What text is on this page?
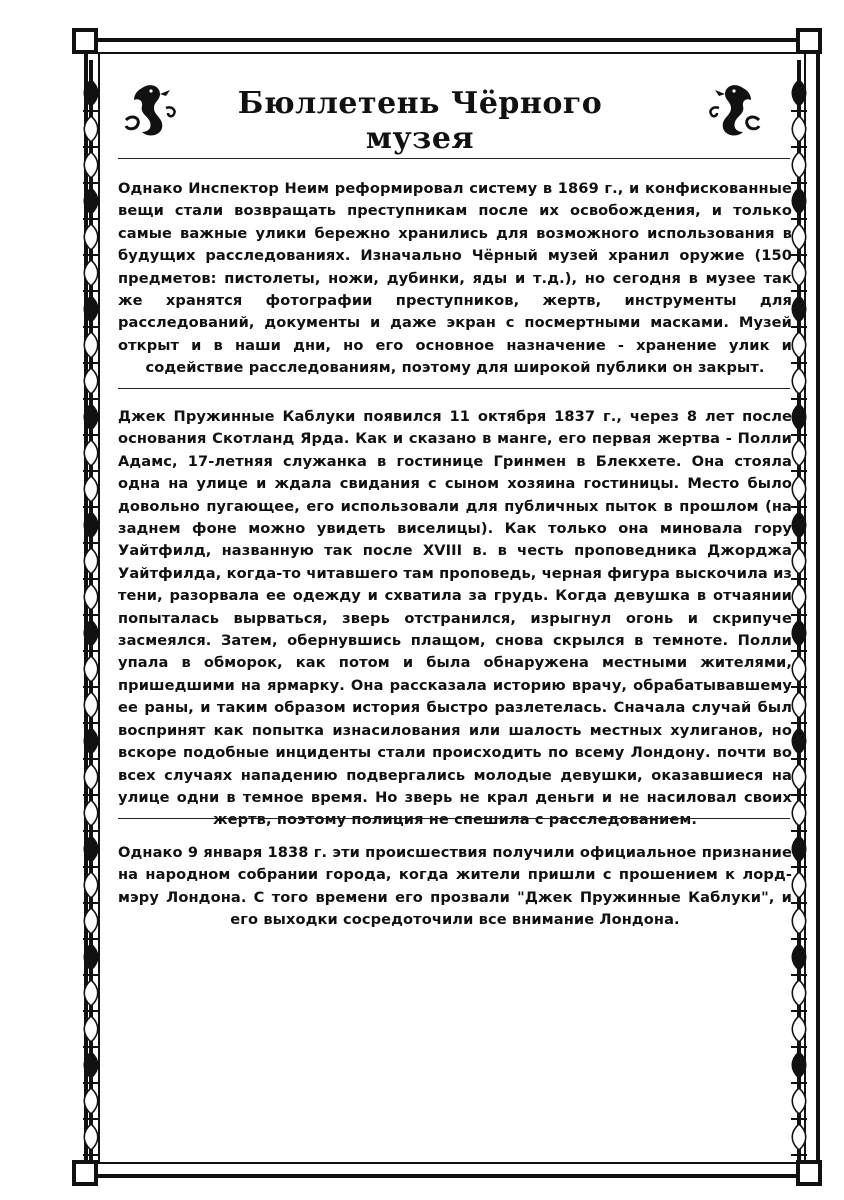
Бюллетень Чёрного музея
Однако Инспектор Неим реформировал систему в 1869 г., и конфискованные вещи стали возвращать преступникам после их освобождения, и только самые важные улики бережно хранились для возможного использования в будущих расследованиях. Изначально Чёрный музей хранил оружие (150 предметов: пистолеты, ножи, дубинки, яды и т.д.), но сегодня в музее так же хранятся фотографии преступников, жертв, инструменты для расследований, документы и даже экран с посмертными масками. Музей открыт и в наши дни, но его основное назначение - хранение улик и содействие расследованиям, поэтому для широкой публики он закрыт.
Джек Пружинные Каблуки появился 11 октября 1837 г., через 8 лет после основания Скотланд Ярда. Как и сказано в манге, его первая жертва - Полли Адамс, 17-летняя служанка в гостинице Гринмен в Блекхете. Она стояла одна на улице и ждала свидания с сыном хозяина гостиницы. Место было довольно пугающее, его использовали для публичных пыток в прошлом (на заднем фоне можно увидеть виселицы). Как только она миновала гору Уайтфилд, названную так после XVIII в. в честь проповедника Джорджа Уайтфилда, когда-то читавшего там проповедь, черная фигура выскочила из тени, разорвала ее одежду и схватила за грудь. Когда девушка в отчаянии попыталась вырваться, зверь отстранился, изрыгнул огонь и скрипуче засмеялся. Затем, обернувшись плащом, снова скрылся в темноте. Полли упала в обморок, как потом и была обнаружена местными жителями, пришедшими на ярмарку. Она рассказала историю врачу, обрабатывавшему ее раны, и таким образом история быстро разлетелась. Сначала случай был воспринят как попытка изнасилования или шалость местных хулиганов, но вскоре подобные инциденты стали происходить по всему Лондону. почти во всех случаях нападению подвергались молодые девушки, оказавшиеся на улице одни в темное время. Но зверь не крал деньги и не насиловал своих жертв, поэтому полиция не спешила с расследованием.
Однако 9 января 1838 г. эти происшествия получили официальное признание на народном собрании города, когда жители пришли с прошением к лорд-мэру Лондона. С того времени его прозвали "Джек Пружинные Каблуки", и его выходки сосредоточили все внимание Лондона.
